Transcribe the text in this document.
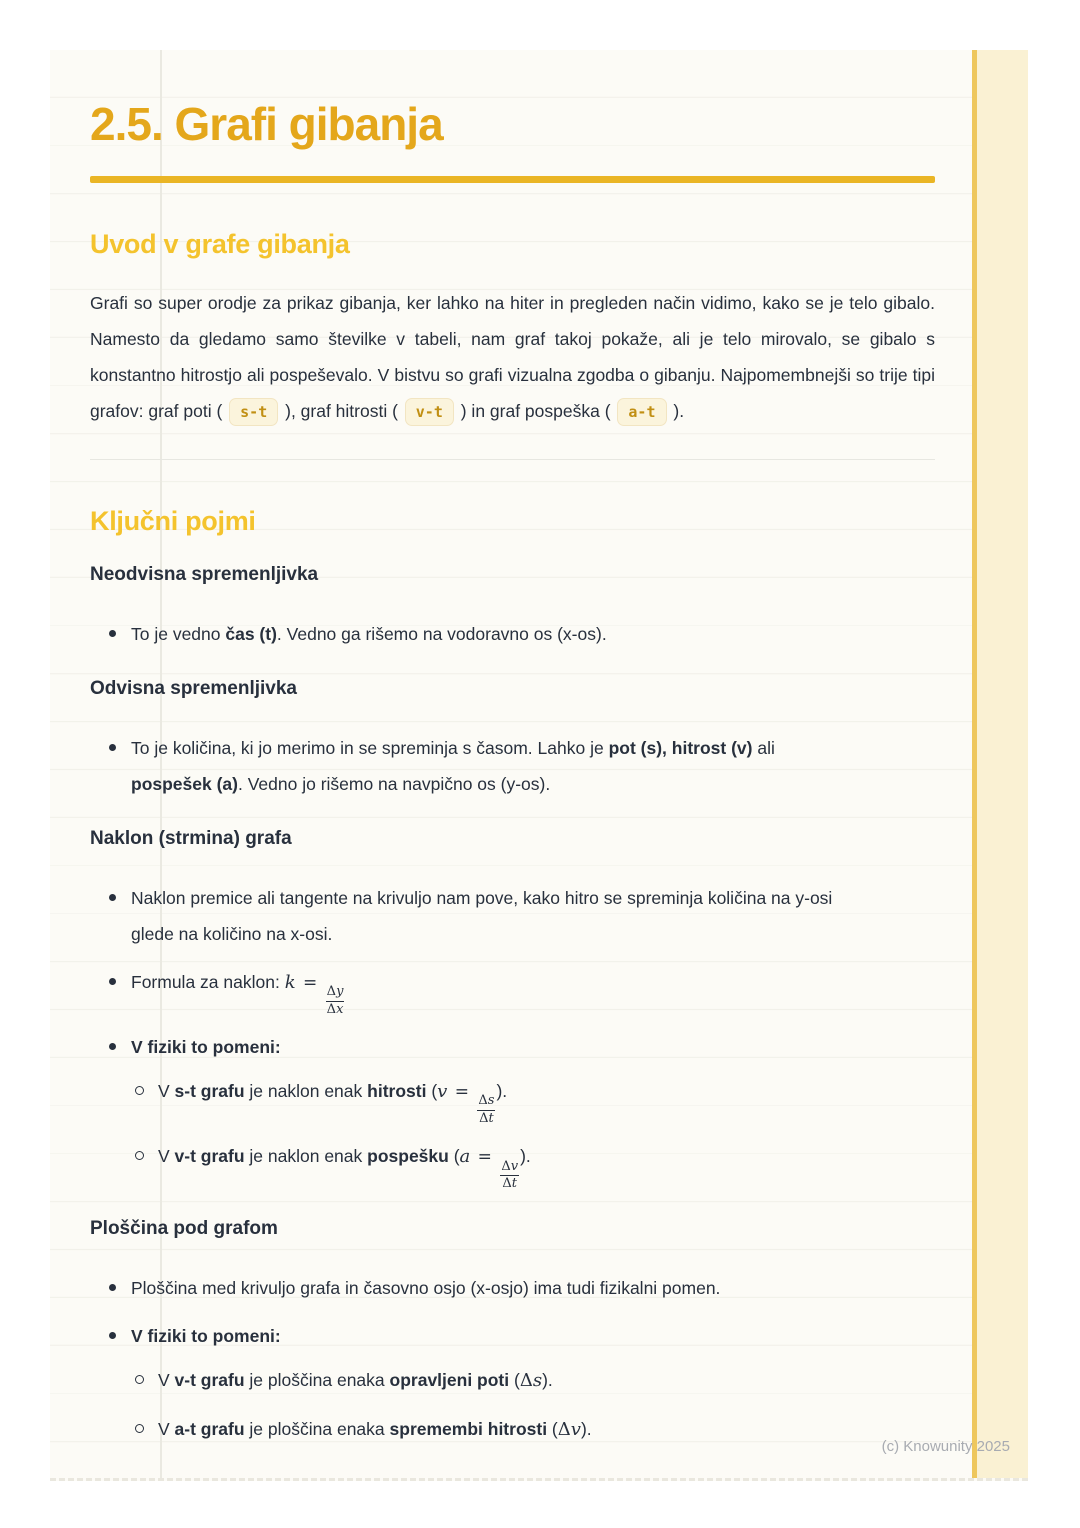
2.5. Grafi gibanja
Uvod v grafe gibanja

Grafi so super orodje za prikaz gibanja, ker lahko na hiter in pregleden način vidimo, kako se je telo gibalo. Namesto da gledamo samo številke v tabeli, nam graf takoj pokaže, ali je telo mirovalo, se gibalo s konstantno hitrostjo ali pospeševalo. V bistvu so grafi vizualna zgodba o gibanju. Najpomembnejši so trije tipi grafov: graf poti ( s-t ), graf hitrosti ( v-t ) in graf pospeška ( a-t ).

Ključni pojmi
Neodvisna spremenljivka
To je vedno čas (t). Vedno ga rišemo na vodoravno os (x-os).
Odvisna spremenljivka
To je količina, ki jo merimo in se spreminja s časom. Lahko je pot (s), hitrost (v) ali pospešek (a). Vedno jo rišemo na navpično os (y-os).
Naklon (strmina) grafa
Naklon premice ali tangente na krivuljo nam pove, kako hitro se spreminja količina na y-osi glede na količino na x-osi.
Formula za naklon: k =
$\frac{\Delta y}{\Delta x}$
V fiziki to pomeni:
V s-t grafu je naklon enak hitrosti (v =
$\frac{\Delta s}{\Delta t}$
).
V v-t grafu je naklon enak pospešku (a =
$\frac{\Delta v}{\Delta t}$
).
Ploščina pod grafom
Ploščina med krivuljo grafa in časovno osjo (x-osjo) ima tudi fizikalni pomen.
V fiziki to pomeni:
V v-t grafu je ploščina enaka opravljeni poti (Δs).
V a-t grafu je ploščina enaka spremembi hitrosti (Δv).
(c) Knowunity 2025
